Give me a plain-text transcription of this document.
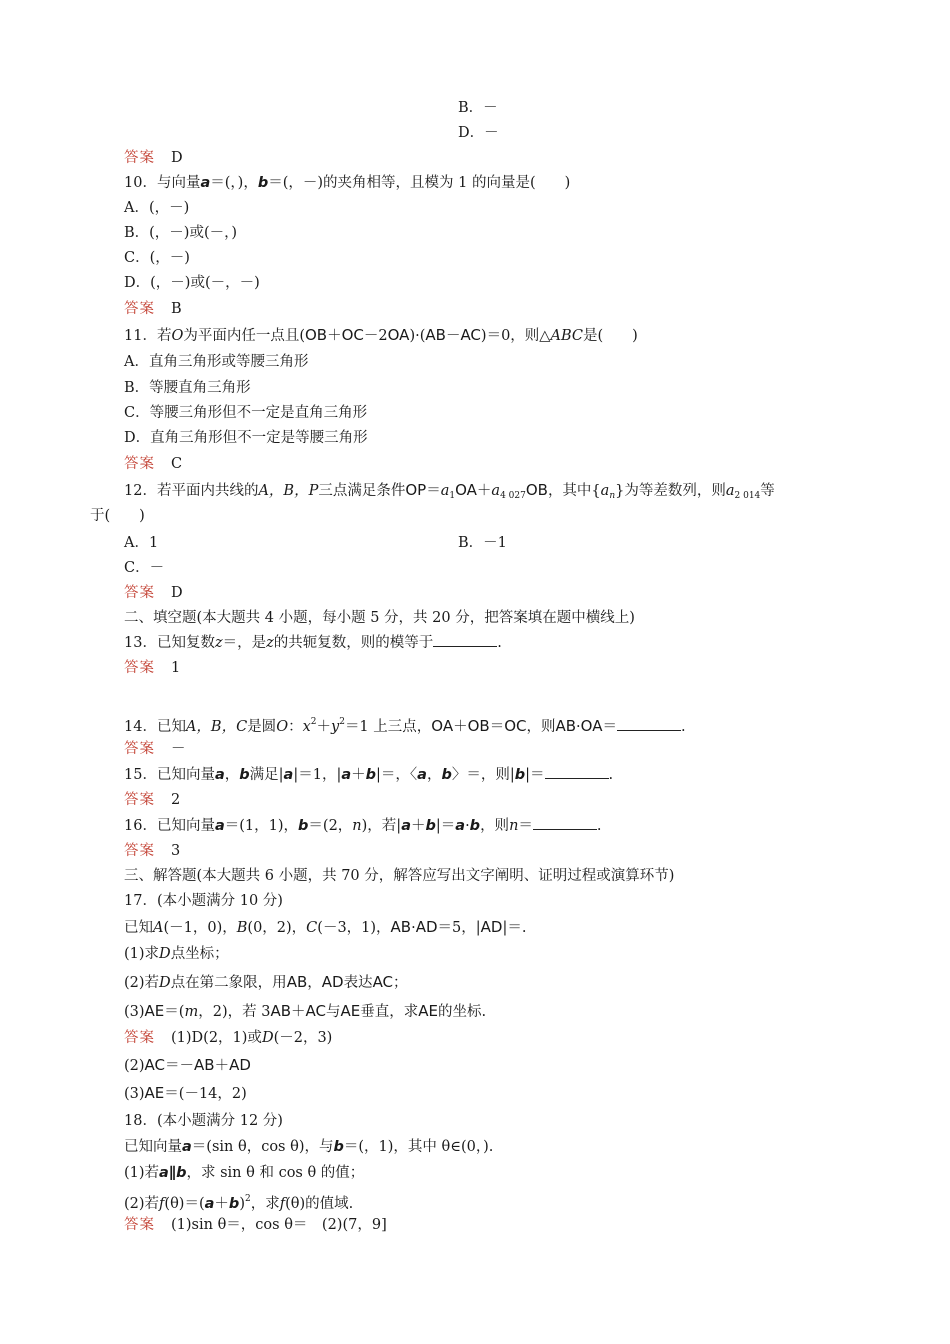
B．－
D．－
答案 D
10．与向量a＝(，)，b＝(，－)的夹角相等，且模为 1 的向量是(　　)
A．(，－)
B．(，－)或(－，)
C．(，－)
D．(，－)或(－，－)
答案 B
11．若O为平面内任一点且(OB＋OC－2OA)·(AB－AC)＝0，则△ABC是(　　)
A．直角三角形或等腰三角形
B．等腰直角三角形
C．等腰三角形但不一定是直角三角形
D．直角三角形但不一定是等腰三角形
答案 C
12．若平面内共线的A，B，P三点满足条件$OP=a_1OA+a_{4 027}OB$，其中$\{a_n\}$为等差数列，则$a_{2 014}$等
于(　　)
A．1	B．－1
C．－
答案 D
二、填空题(本大题共 4 小题，每小题 5 分，共 20 分，把答案填在题中横线上)
13．已知复数z＝，是z的共轭复数，则的模等于	.
答案 1
14．已知A，B，C是圆O：$x^2+y^2=1$ 上三点，OA＋OB＝OC，则AB·OA＝	.
答案 －
15．已知向量a，b满足|a|＝1，|a＋b|＝，〈a，b〉＝，则|b|＝	.
答案 2
16．已知向量a＝(1，1)，b＝(2，n)，若|a＋b|＝a·b，则n＝	.
答案 3
三、解答题(本大题共 6 小题，共 70 分，解答应写出文字阐明、证明过程或演算环节)
17．(本小题满分 10 分)
已知A(－1，0)，B(0，2)，C(－3，1)，AB·AD＝5，|AD|＝.
(1)求D点坐标；
(2)若D点在第二象限，用AB，AD表达AC；
(3)AE＝(m，2)，若 3AB＋AC与AE垂直，求AE的坐标.
答案 (1)D(2，1)或D(－2，3)
(2)AC＝－AB＋AD
(3)AE＝(－14，2)
18．(本小题满分 12 分)
已知向量a＝(sin θ，cos θ)，与b＝(，1)，其中 θ∈(0，).
(1)若a∥b，求 sin θ 和 cos θ 的值；
(2)若$f(\theta)=(a+b)^2$，求f(θ)的值域.
答案 (1)sin θ＝，cos θ＝　(2)(7，9]
